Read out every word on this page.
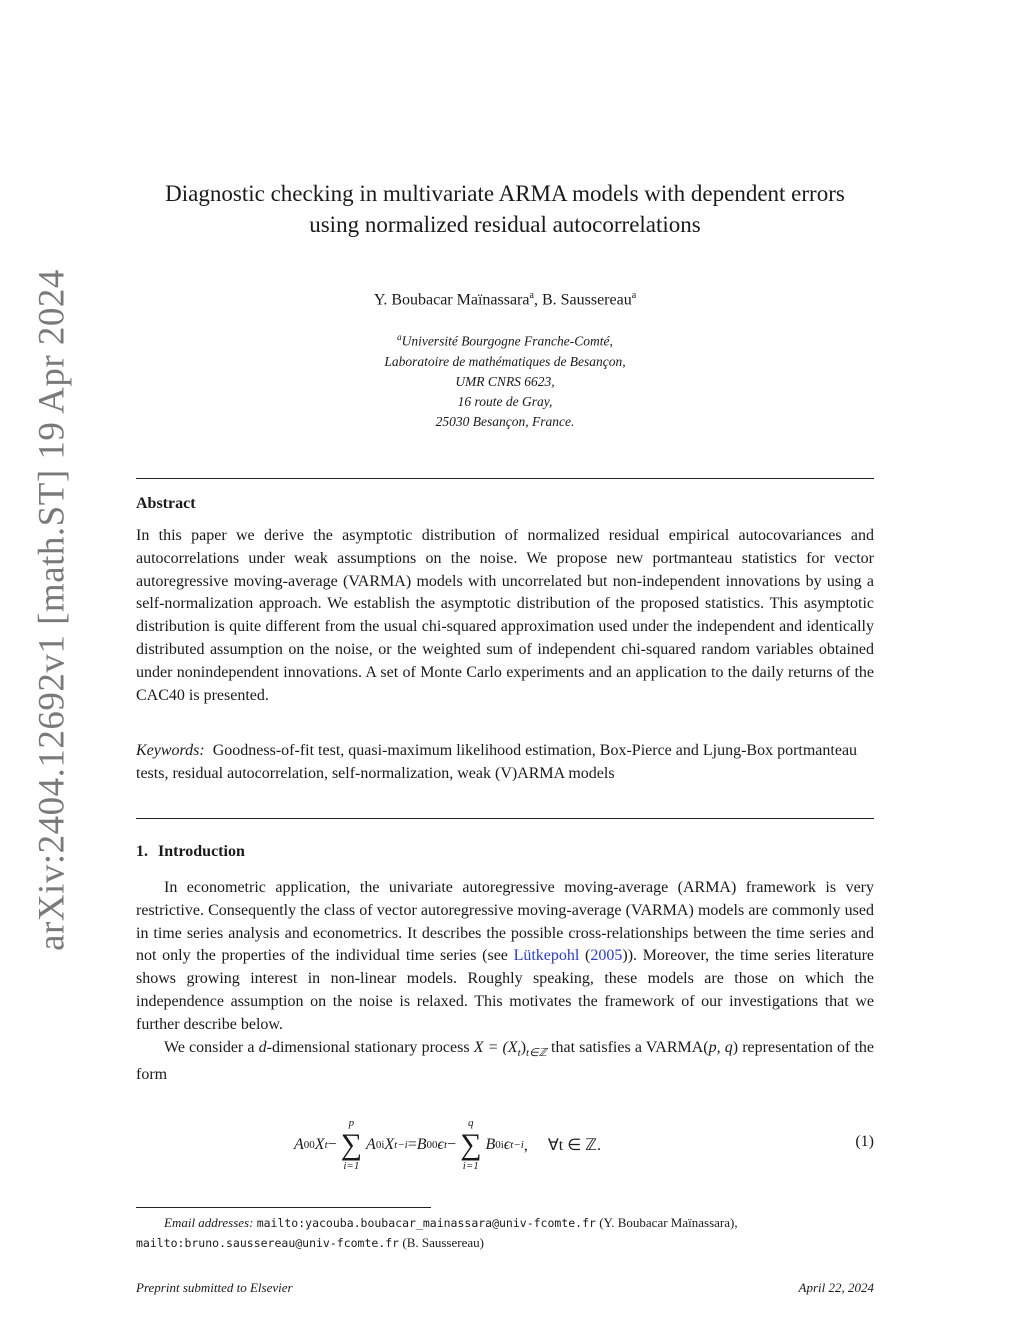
arXiv:2404.12692v1 [math.ST] 19 Apr 2024
Diagnostic checking in multivariate ARMA models with dependent errors
using normalized residual autocorrelations
Y. Boubacar Maïnassara$^a$, B. Saussereau$^a$
$^a$Université Bourgogne Franche-Comté,
Laboratoire de mathématiques de Besançon,
UMR CNRS 6623,
16 route de Gray,
25030 Besançon, France.
Abstract
In this paper we derive the asymptotic distribution of normalized residual empirical autocovariances and autocorrelations under weak assumptions on the noise. We propose new portmanteau statistics for vector autoregressive moving-average (VARMA) models with uncorrelated but non-independent innovations by using a self-normalization approach. We establish the asymptotic distribution of the proposed statistics. This asymptotic distribution is quite different from the usual chi-squared approximation used under the independent and identically distributed assumption on the noise, or the weighted sum of independent chi-squared random variables obtained under nonindependent innovations. A set of Monte Carlo experiments and an application to the daily returns of the CAC40 is presented.
Keywords: Goodness-of-fit test, quasi-maximum likelihood estimation, Box-Pierce and Ljung-Box portmanteau tests, residual autocorrelation, self-normalization, weak (V)ARMA models
1. Introduction

In econometric application, the univariate autoregressive moving-average (ARMA) framework is very restrictive. Consequently the class of vector autoregressive moving-average (VARMA) models are commonly used in time series analysis and econometrics. It describes the possible cross-relationships between the time series and not only the properties of the individual time series (see Lütkepohl (2005)). Moreover, the time series literature shows growing interest in non-linear models. Roughly speaking, these models are those on which the independence assumption on the noise is relaxed. This motivates the framework of our investigations that we further describe below.

We consider a d-dimensional stationary process $X = (X_t)_{t\in ℤ}$ that satisfies a VARMA(p, q) representation of the form

A 00 X t −
p
∑
i=1
A 0i X t−i = B 00 ϵ t −
q
∑
i=1
B 0i ϵ t−i ,     ∀t ∈ ℤ.	(1)
Email addresses: mailto:yacouba.boubacar_mainassara@univ-fcomte.fr (Y. Boubacar Maïnassara),
mailto:bruno.saussereau@univ-fcomte.fr (B. Saussereau)
Preprint submitted to Elsevier	April 22, 2024
